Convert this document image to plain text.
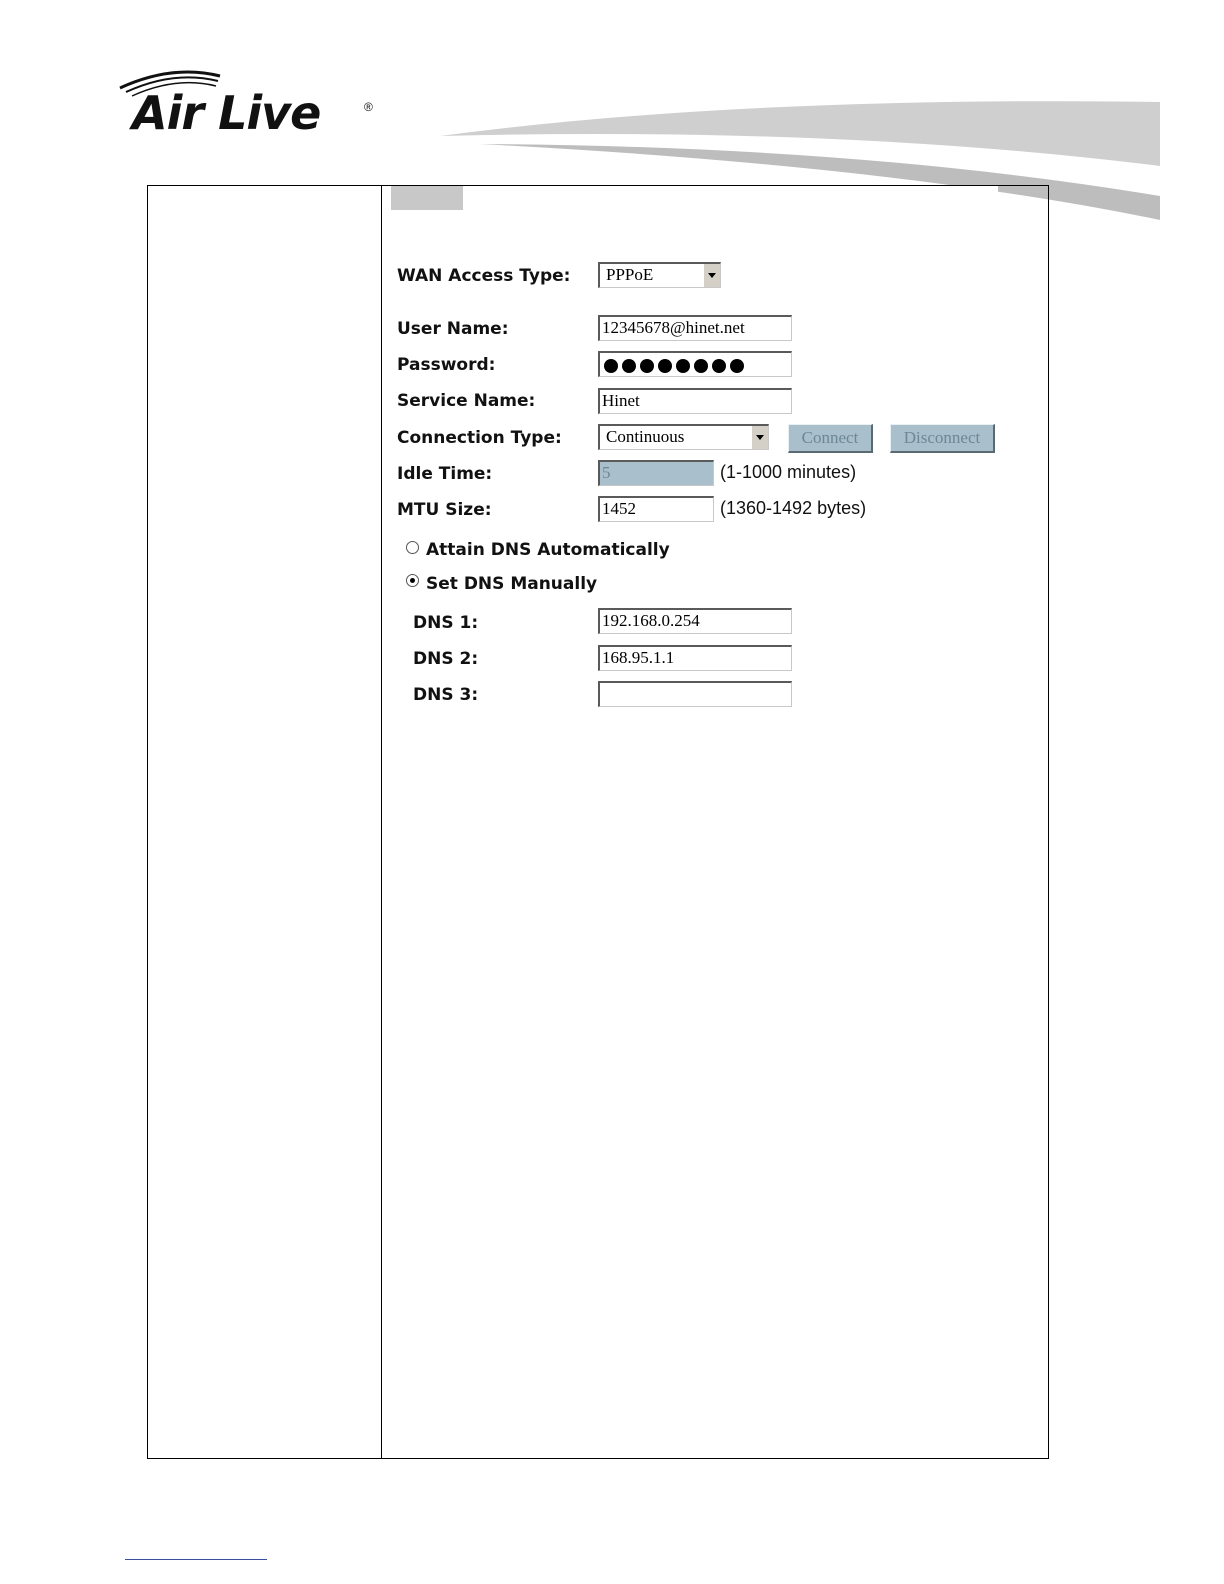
Air Live	®
WAN Access Type:	PPPoE
User Name:	12345678@hinet.net
Password:
Service Name:	Hinet
Connection Type:	Continuous	Connect	Disconnect
Idle Time:	5	(1-1000 minutes)
MTU Size:	1452	(1360-1492 bytes)
Attain DNS Automatically
Set DNS Manually
DNS 1:	192.168.0.254
DNS 2:	168.95.1.1
DNS 3:
